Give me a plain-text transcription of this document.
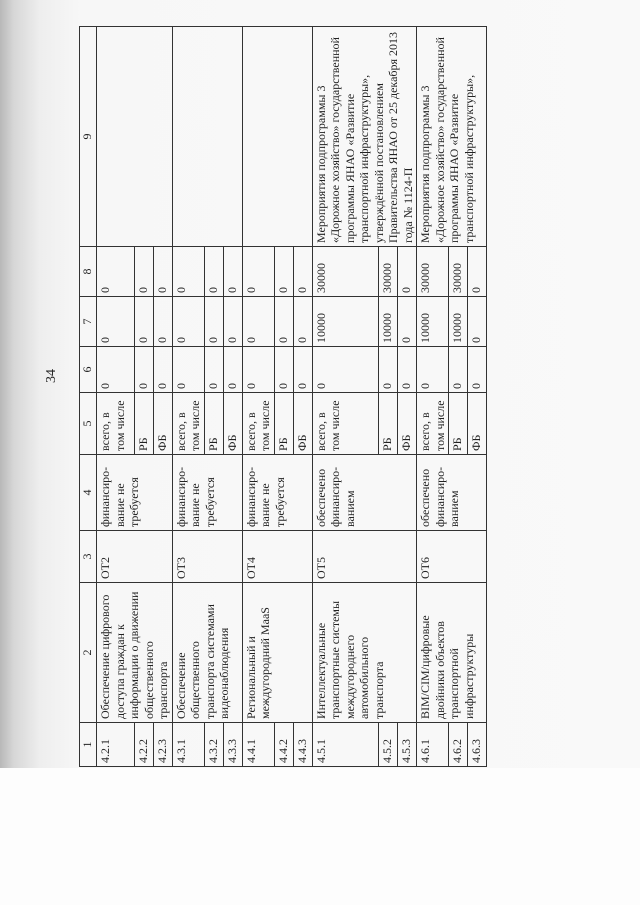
34
1	2	3	4	5	6	7	8	9
4.2.1	Обеспечение цифрового доступа граждан к информации о движении общественного транспорта	ОТ2	финансиро-вание не требуется	всего, в том числе	0	0	0	
4.2.2				РБ	0	0	0	
4.2.3				ФБ	0	0	0	
4.3.1	Обеспечение общественного транспорта системами видеонаблюдения	ОТ3	финансиро-вание не требуется	всего, в том числе	0	0	0	
4.3.2				РБ	0	0	0	
4.3.3				ФБ	0	0	0	
4.4.1	Региональный и междугородний MaaS	ОТ4	финансиро-вание не требуется	всего, в том числе	0	0	0	
4.4.2				РБ	0	0	0	
4.4.3				ФБ	0	0	0	
4.5.1	Интеллектуальные транспортные системы междугороднего автомобильного транспорта	ОТ5	обеспечено финансиро-ванием	всего, в том числе	0	10000	30000	Мероприятия подпрограммы 3 «Дорожное хозяйство» государственной программы ЯНАО «Развитие транспортной инфраструктуры», утверждённой постановлением Правительства ЯНАО от 25 декабря 2013 года № 1124-П
4.5.2				РБ	0	10000	30000	
4.5.3				ФБ	0	0	0	
4.6.1	BIM/CIM/цифровые двойники объектов транспортной инфраструктуры	ОТ6	обеспечено финансиро-ванием	всего, в том числе	0	10000	30000	Мероприятия подпрограммы 3 «Дорожное хозяйство» государственной программы ЯНАО «Развитие транспортной инфраструктуры»,
4.6.2				РБ	0	10000	30000	
4.6.3				ФБ	0	0	0	
